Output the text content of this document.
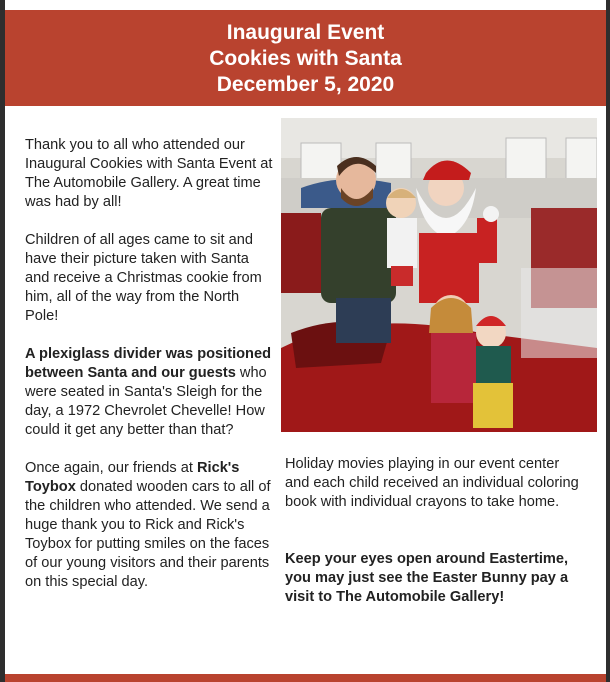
Inaugural Event
Cookies with Santa
December 5, 2020

Thank you to all who attended our Inaugural Cookies with Santa Event at The Automobile Gallery. A great time was had by all!

Children of all ages came to sit and have their picture taken with Santa and receive a Christmas cookie from him, all of the way from the North Pole!

A plexiglass divider was positioned between Santa and our guests who were seated in Santa's Sleigh for the day, a 1972 Chevrolet Chevelle! How could it get any better than that?

Once again, our friends at Rick's Toybox donated wooden cars to all of the children who attended. We send a huge thank you to Rick and Rick's Toybox for putting smiles on the faces of our young visitors and their parents on this special day.

Holiday movies playing in our event center and each child received an individual coloring book with individual crayons to take home.

Keep your eyes open around Eastertime, you may just see the Easter Bunny pay a visit to The Automobile Gallery!
